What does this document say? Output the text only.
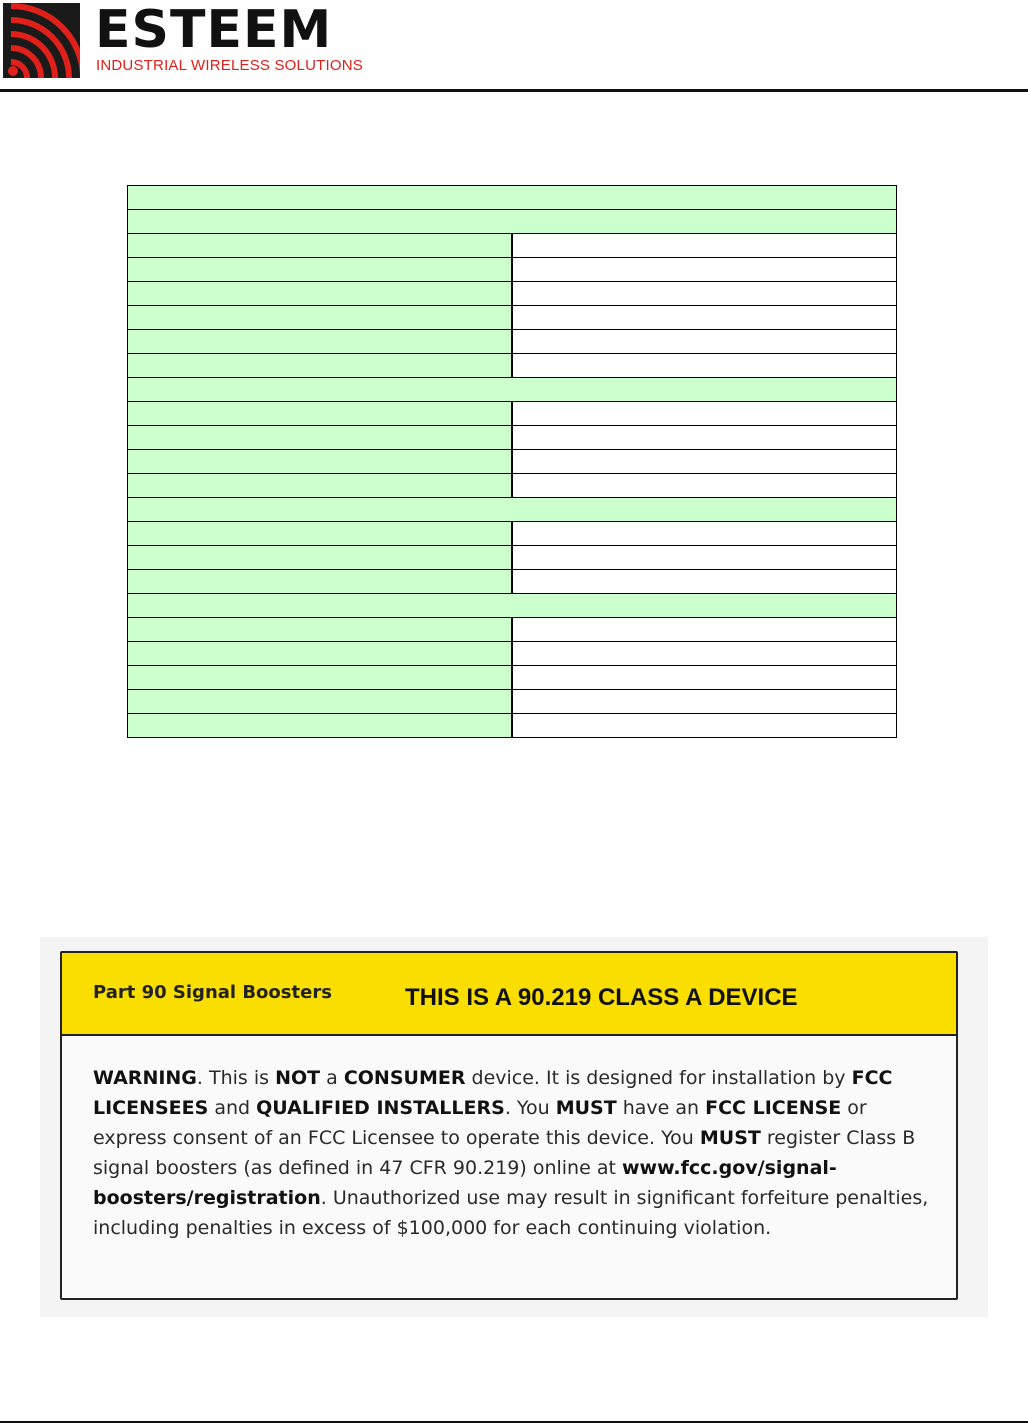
ESTEEM
INDUSTRIAL WIRELESS SOLUTIONS

Part 90 Signal Boosters	THIS IS A 90.219 CLASS A DEVICE
WARNING. This is NOT a CONSUMER device. It is designed for installation by FCC LICENSEES and QUALIFIED INSTALLERS. You MUST have an FCC LICENSE or express consent of an FCC Licensee to operate this device. You MUST register Class B signal boosters (as defined in 47 CFR 90.219) online at www.fcc.gov/signal-boosters/registration. Unauthorized use may result in significant forfeiture penalties, including penalties in excess of $100,000 for each continuing violation.
